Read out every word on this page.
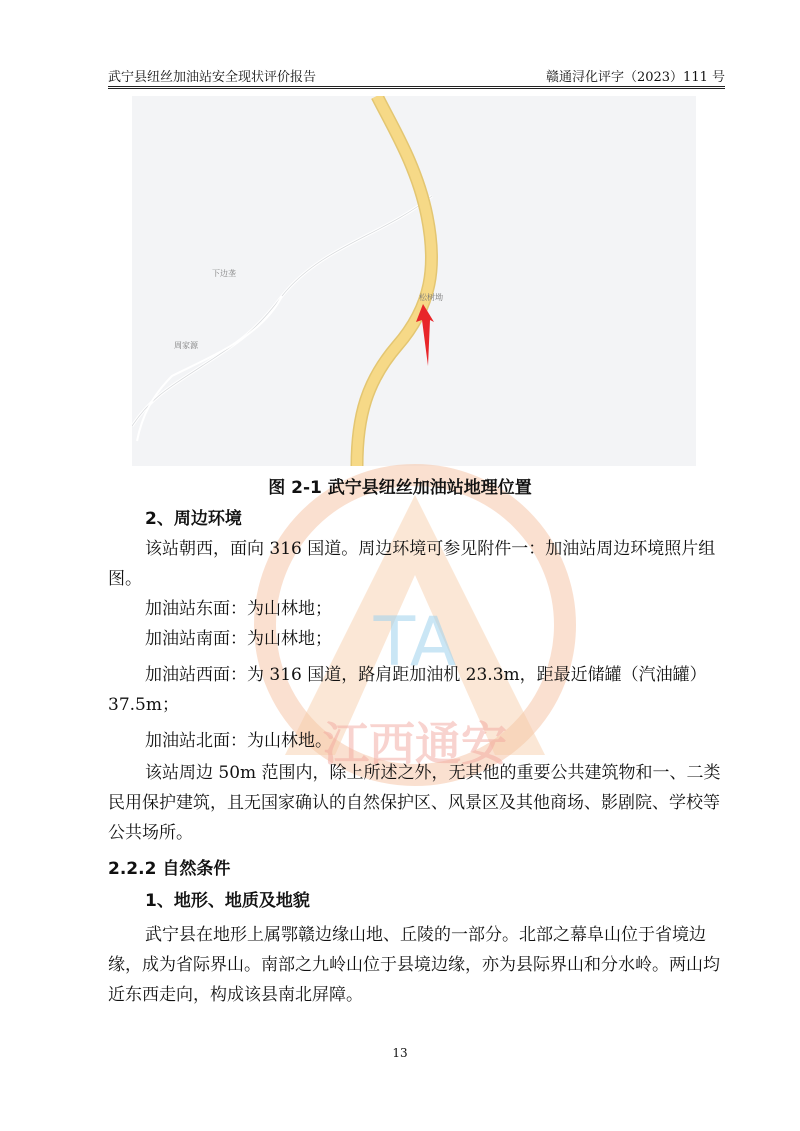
武宁县纽丝加油站安全现状评价报告	赣通浔化评字（2023）111 号
下边垄
周家源
松树坳
TA
江西通安
图 2-1 武宁县纽丝加油站地理位置
2、周边环境
该站朝西，面向 316 国道。周边环境可参见附件一：加油站周边环境照片组图。
加油站东面：为山林地；
加油站南面：为山林地；
加油站西面：为 316 国道，路肩距加油机 23.3m，距最近储罐（汽油罐）37.5m；
加油站北面：为山林地。
该站周边 50m 范围内，除上所述之外，无其他的重要公共建筑物和一、二类民用保护建筑，且无国家确认的自然保护区、风景区及其他商场、影剧院、学校等公共场所。
2.2.2 自然条件
1、地形、地质及地貌
武宁县在地形上属鄂赣边缘山地、丘陵的一部分。北部之幕阜山位于省境边缘，成为省际界山。南部之九岭山位于县境边缘，亦为县际界山和分水岭。两山均近东西走向，构成该县南北屏障。
13
